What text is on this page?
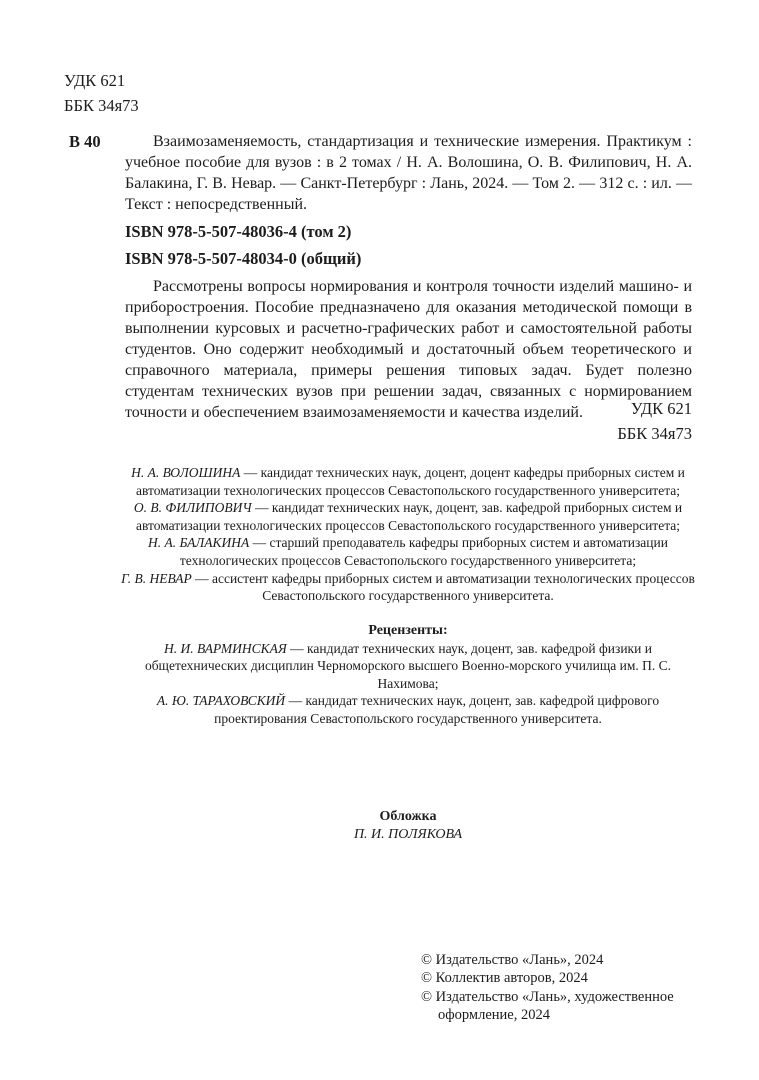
УДК 621
ББК 34я73
В 40	Взаимозаменяемость, стандартизация и технические измерения. Практикум : учебное пособие для вузов : в 2 томах / Н. А. Волошина, О. В. Филипович, Н. А. Балакина, Г. В. Невар. — Санкт-Петербург : Лань, 2024. — Том 2. — 312 с. : ил. — Текст : непосредственный.

ISBN 978-5-507-48036-4 (том 2)
ISBN 978-5-507-48034-0 (общий)

Рассмотрены вопросы нормирования и контроля точности изделий машино- и приборостроения. Пособие предназначено для оказания методической помощи в выполнении курсовых и расчетно-графических работ и самостоятельной работы студентов. Оно содержит необходимый и достаточный объем теоретического и справочного материала, примеры решения типовых задач. Будет полезно студентам технических вузов при решении задач, связанных с нормированием точности и обеспечением взаимозаменяемости и качества изделий.	УДК 621
ББК 34я73

Н. А. ВОЛОШИНА — кандидат технических наук, доцент, доцент кафедры приборных систем и автоматизации технологических процессов Севастопольского государственного университета;

О. В. ФИЛИПОВИЧ — кандидат технических наук, доцент, зав. кафедрой приборных систем и автоматизации технологических процессов Севастопольского государственного университета;

Н. А. БАЛАКИНА — старший преподаватель кафедры приборных систем и автоматизации технологических процессов Севастопольского государственного университета;

Г. В. НЕВАР — ассистент кафедры приборных систем и автоматизации технологических процессов Севастопольского государственного университета.

Рецензенты:

Н. И. ВАРМИНСКАЯ — кандидат технических наук, доцент, зав. кафедрой физики и общетехнических дисциплин Черноморского высшего Военно-морского училища им. П. С. Нахимова;

А. Ю. ТАРАХОВСКИЙ — кандидат технических наук, доцент, зав. кафедрой цифрового проектирования Севастопольского государственного университета.

Обложка

П. И. ПОЛЯКОВА

© Издательство «Лань», 2024

© Коллектив авторов, 2024

© Издательство «Лань», художественное оформление, 2024
